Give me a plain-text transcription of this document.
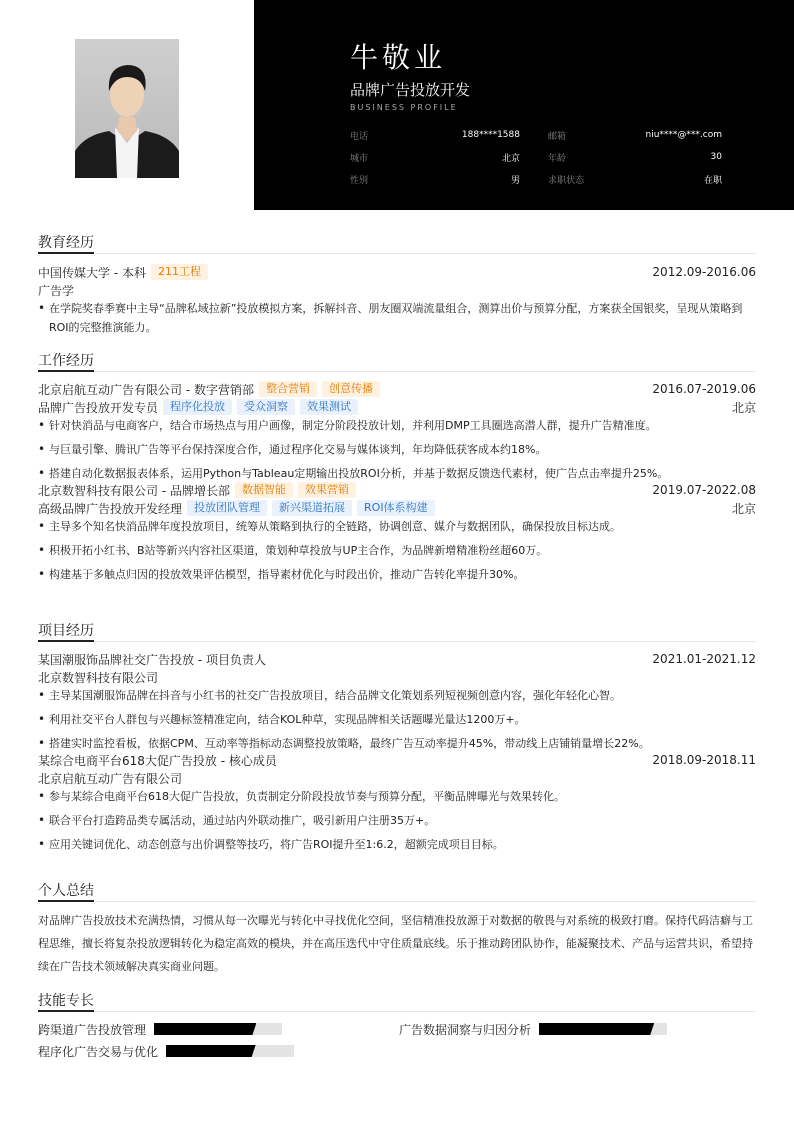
牛敬业
品牌广告投放开发
BUSINESS PROFILE
电话	188****1588	邮箱	niu****@***.com
城市	北京	年龄	30
性别	男	求职状态	在职
教育经历
中国传媒大学 - 本科	211工程	2012.09-2016.06
广告学
• 在学院奖春季赛中主导“品牌私域拉新”投放模拟方案，拆解抖音、朋友圈双端流量组合，测算出价与预算分配，方案获全国银奖，呈现从策略到ROI的完整推演能力。
工作经历
北京启航互动广告有限公司 - 数字营销部	整合营销	创意传播	2016.07-2019.06
品牌广告投放开发专员	程序化投放	受众洞察	效果测试	北京
• 针对快消品与电商客户，结合市场热点与用户画像，制定分阶段投放计划，并利用DMP工具圈选高潜人群，提升广告精准度。
• 与巨量引擎、腾讯广告等平台保持深度合作，通过程序化交易与媒体谈判，年均降低获客成本约18%。
• 搭建自动化数据报表体系，运用Python与Tableau定期输出投放ROI分析，并基于数据反馈迭代素材，使广告点击率提升25%。
北京数智科技有限公司 - 品牌增长部	数据智能	效果营销	2019.07-2022.08
高级品牌广告投放开发经理	投放团队管理	新兴渠道拓展	ROI体系构建	北京
• 主导多个知名快消品牌年度投放项目，统筹从策略到执行的全链路，协调创意、媒介与数据团队，确保投放目标达成。
• 积极开拓小红书、B站等新兴内容社区渠道，策划种草投放与UP主合作，为品牌新增精准粉丝超60万。
• 构建基于多触点归因的投放效果评估模型，指导素材优化与时段出价，推动广告转化率提升30%。
项目经历
某国潮服饰品牌社交广告投放 - 项目负责人	2021.01-2021.12
北京数智科技有限公司
• 主导某国潮服饰品牌在抖音与小红书的社交广告投放项目，结合品牌文化策划系列短视频创意内容，强化年轻化心智。
• 利用社交平台人群包与兴趣标签精准定向，结合KOL种草，实现品牌相关话题曝光量达1200万+。
• 搭建实时监控看板，依据CPM、互动率等指标动态调整投放策略，最终广告互动率提升45%，带动线上店铺销量增长22%。
某综合电商平台618大促广告投放 - 核心成员	2018.09-2018.11
北京启航互动广告有限公司
• 参与某综合电商平台618大促广告投放，负责制定分阶段投放节奏与预算分配，平衡品牌曝光与效果转化。
• 联合平台打造跨品类专属活动，通过站内外联动推广，吸引新用户注册35万+。
• 应用关键词优化、动态创意与出价调整等技巧，将广告ROI提升至1:6.2，超额完成项目目标。
个人总结

对品牌广告投放技术充满热情，习惯从每一次曝光与转化中寻找优化空间，坚信精准投放源于对数据的敬畏与对系统的极致打磨。保持代码洁癖与工程思维，擅长将复杂投放逻辑转化为稳定高效的模块，并在高压迭代中守住质量底线。乐于推动跨团队协作，能凝聚技术、产品与运营共识，希望持续在广告技术领域解决真实商业问题。

技能专长
跨渠道广告投放管理	广告数据洞察与归因分析
程序化广告交易与优化
